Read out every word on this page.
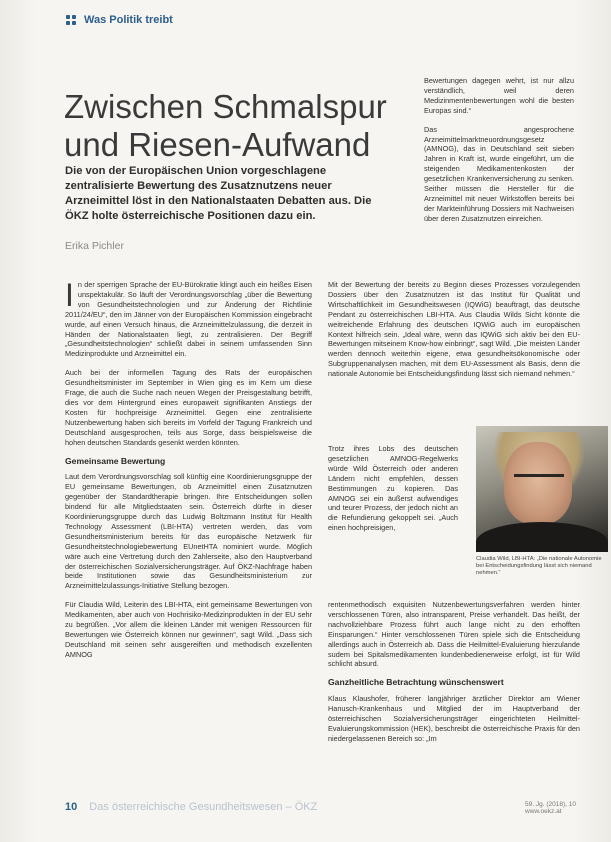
Was Politik treibt
Zwischen Schmalspur
und Riesen-Aufwand
Die von der Europäischen Union vorgeschlagene zentralisierte Bewertung des Zusatznutzens neuer Arzneimittel löst in den Nationalstaaten Debatten aus. Die ÖKZ holte österreichische Positionen dazu ein.
Erika Pichler

Bewertungen dagegen wehrt, ist nur allzu verständlich, weil deren Medizinmentenbewertungen wohl die besten Europas sind.“

Das angesprochene Arzneimittelmarktneuordnungsgesetz (AMNOG), das in Deutschland seit sieben Jahren in Kraft ist, wurde eingeführt, um die steigenden Medikamentenkosten der gesetzlichen Krankenversicherung zu senken. Seither müssen die Hersteller für die Arzneimittel mit neuer Wirkstoffen bereits bei der Markteinführung Dossiers mit Nachweisen über deren Zusatznutzen einreichen.

In der sperrigen Sprache der EU-Bürokratie klingt auch ein heißes Eisen unspektakulär. So läuft der Verordnungsvorschlag „über die Bewertung von Gesundheitstechnologien und zur Änderung der Richtlinie 2011/24/EU“, den im Jänner von der Europäischen Kommission eingebracht wurde, auf einen Versuch hinaus, die Arzneimittelzulassung, die derzeit in Händen der Nationalstaaten liegt, zu zentralisieren. Der Begriff „Gesundheitstechnologien“ schließt dabei in seinem umfassenden Sinn Medizinprodukte und Arzneimittel ein.

Auch bei der informellen Tagung des Rats der europäischen Gesundheitsminister im September in Wien ging es im Kern um diese Frage, die auch die Suche nach neuen Wegen der Preisgestaltung betrifft, dies vor dem Hintergrund eines europaweit signifikanten Anstiegs der Kosten für hochpreisige Arzneimittel. Gegen eine zentralisierte Nutzenbewertung haben sich bereits im Vorfeld der Tagung Frankreich und Deutschland ausgesprochen, teils aus Sorge, dass beispielsweise die hohen deutschen Standards gesenkt werden könnten.

Gemeinsame Bewertung

Laut dem Verordnungsvorschlag soll künftig eine Koordinierungsgruppe der EU gemeinsame Bewertungen, ob Arzneimittel einen Zusatznutzen gegenüber der Standardtherapie bringen. Ihre Entscheidungen sollen bindend für alle Mitgliedstaaten sein. Österreich dürfte in dieser Koordinierungsgruppe durch das Ludwig Boltzmann Institut für Health Technology Assessment (LBI-HTA) vertreten werden, das vom Gesundheitsministerium bereits für das europäische Netzwerk für Gesundheitstechnologiebewertung EUnetHTA nominiert wurde. Möglich wäre auch eine Vertretung durch den Zahlerseite, also den Hauptverband der österreichischen Sozialversicherungsträger. Auf ÖKZ-Nachfrage haben beide Institutionen sowie das Gesundheitsministerium zur Arzneimittelzulassungs-Initiative Stellung bezogen.

Für Claudia Wild, Leiterin des LBI-HTA, eint gemeinsame Bewertungen von Medikamenten, aber auch von Hochrisiko-Medizinprodukten in der EU sehr zu begrüßen. „Vor allem die kleinen Länder mit wenigen Ressourcen für Bewertungen wie Österreich können nur gewinnen“, sagt Wild. „Dass sich Deutschland mit seinen sehr ausgereiften und methodisch exzellenten AMNOG

Mit der Bewertung der bereits zu Beginn dieses Prozesses vorzulegenden Dossiers über den Zusatznutzen ist das Institut für Qualität und Wirtschaftlichkeit im Gesundheitswesen (IQWiG) beauftragt, das deutsche Pendant zu österreichischen LBI-HTA. Aus Claudia Wilds Sicht könnte die weitreichende Erfahrung des deutschen IQWiG auch im europäischen Kontext hilfreich sein. „Ideal wäre, wenn das IQWiG sich aktiv bei den EU-Bewertungen mitseinem Know-how einbringt“, sagt Wild. „Die meisten Länder werden dennoch weiterhin eigene, etwa gesundheitsökonomische oder Subgruppenanalysen machen, mit dem EU-Assessment als Basis, denn die nationale Autonomie bei Entscheidungsfindung lässt sich niemand nehmen.“

Trotz ihres Lobs des deutschen gesetzlichen AMNOG-Regelwerks würde Wild Österreich oder anderen Ländern nicht empfehlen, dessen Bestimmungen zu kopieren. Das AMNOG sei ein äußerst aufwendiges und teurer Prozess, der jedoch nicht an die Refundierung gekoppelt sei. „Auch einen hochpreisigen,

Claudia Wild, LBI-HTA: „Die nationale Autonomie bei Entscheidungsfindung lässt sich niemand nehmen.“

rentenmethodisch exquisiten Nutzenbewertungsverfahren werden hinter verschlossenen Türen, also intransparent, Preise verhandelt. Das heißt, der nachvollziehbare Prozess führt auch lange nicht zu den erhofften Einsparungen.“ Hinter verschlossenen Türen spiele sich die Entscheidung allerdings auch in Österreich ab. Dass die Heilmittel-Evaluierung hierzulande sudem bei Spitalsmedikamenten kundenbedienerweise erfolgt, ist für Wild schlicht absurd.

Ganzheitliche Betrachtung wünschenswert

Klaus Klaushofer, früherer langjähriger ärztlicher Direktor am Wiener Hanusch-Krankenhaus und Mitglied der im Hauptverband der österreichischen Sozialversicherungsträger eingerichteten Heilmittel-Evaluierungskommission (HEK), beschreibt die österreichische Praxis für den niedergelassenen Bereich so: „Im

10 Das österreichische Gesundheitswesen – ÖKZ	59. Jg. (2018), 10 www.oekz.at
